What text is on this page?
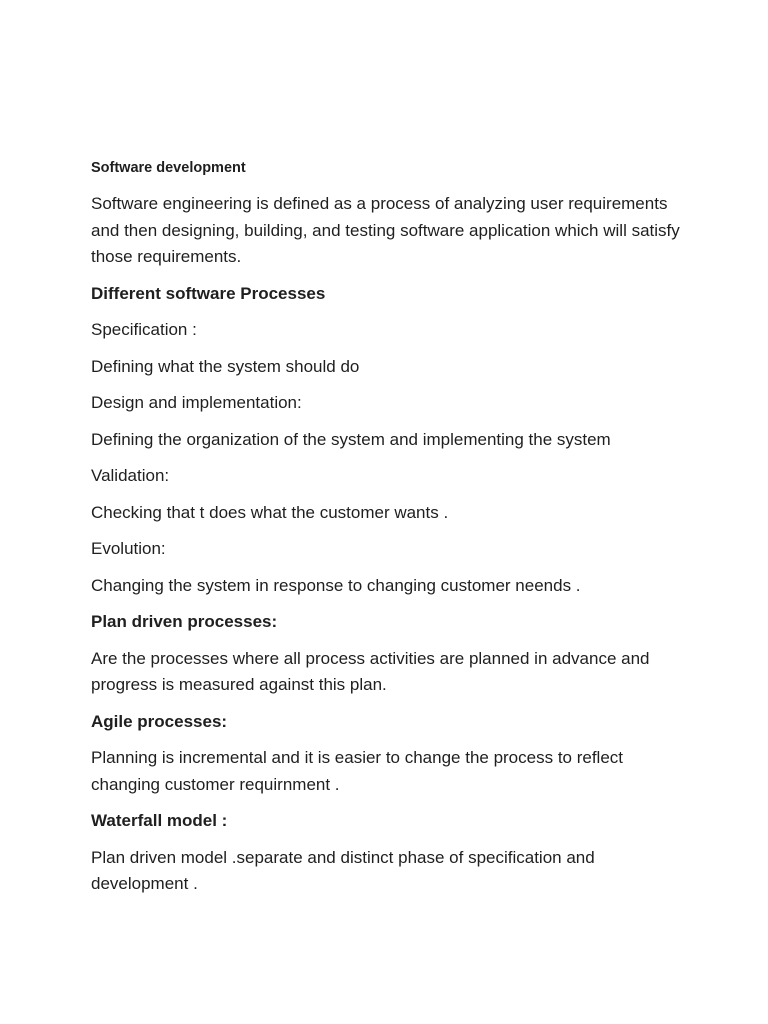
Software development

Software engineering is defined as a process of analyzing user requirements and then designing, building, and testing software application which will satisfy those requirements.

Different software Processes

Specification :

Defining what the system should do

Design and implementation:

Defining the organization of the system and implementing the system

Validation:

Checking that t does what the customer wants .

Evolution:

Changing the system in response to changing customer neends .

Plan driven processes:

Are the processes where all process activities are planned in advance and progress is measured against this plan.

Agile processes:

Planning is incremental and it is easier to change the process to reflect changing customer requirnment .

Waterfall model :

Plan driven model .separate and distinct phase of specification and development .
